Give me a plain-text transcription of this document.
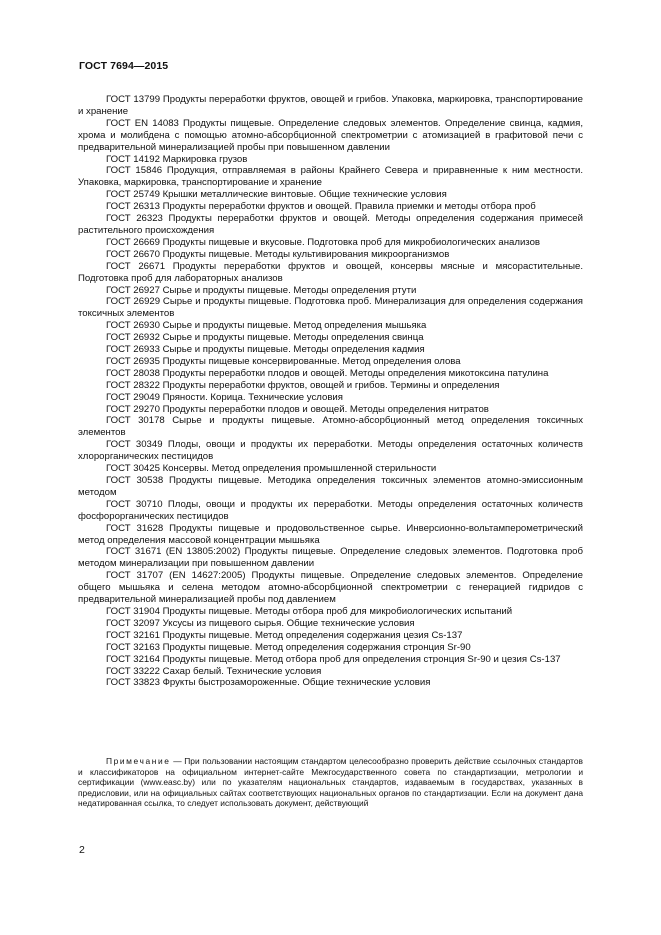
ГОСТ 7694—2015

ГОСТ 13799 Продукты переработки фруктов, овощей и грибов. Упаковка, маркировка, транспортирование и хранение

ГОСТ EN 14083 Продукты пищевые. Определение следовых элементов. Определение свинца, кадмия, хрома и молибдена с помощью атомно-абсорбционной спектрометрии с атомизацией в графитовой печи с предварительной минерализацией пробы при повышенном давлении

ГОСТ 14192 Маркировка грузов

ГОСТ 15846 Продукция, отправляемая в районы Крайнего Севера и приравненные к ним местности. Упаковка, маркировка, транспортирование и хранение

ГОСТ 25749 Крышки металлические винтовые. Общие технические условия

ГОСТ 26313 Продукты переработки фруктов и овощей. Правила приемки и методы отбора проб

ГОСТ 26323 Продукты переработки фруктов и овощей. Методы определения содержания примесей растительного происхождения

ГОСТ 26669 Продукты пищевые и вкусовые. Подготовка проб для микробиологических анализов

ГОСТ 26670 Продукты пищевые. Методы культивирования микроорганизмов

ГОСТ 26671 Продукты переработки фруктов и овощей, консервы мясные и мясорастительные. Подготовка проб для лабораторных анализов

ГОСТ 26927 Сырье и продукты пищевые. Методы определения ртути

ГОСТ 26929 Сырье и продукты пищевые. Подготовка проб. Минерализация для определения содержания токсичных элементов

ГОСТ 26930 Сырье и продукты пищевые. Метод определения мышьяка

ГОСТ 26932 Сырье и продукты пищевые. Методы определения свинца

ГОСТ 26933 Сырье и продукты пищевые. Методы определения кадмия

ГОСТ 26935 Продукты пищевые консервированные. Метод определения олова

ГОСТ 28038 Продукты переработки плодов и овощей. Методы определения микотоксина патулина

ГОСТ 28322 Продукты переработки фруктов, овощей и грибов. Термины и определения

ГОСТ 29049 Пряности. Корица. Технические условия

ГОСТ 29270 Продукты переработки плодов и овощей. Методы определения нитратов

ГОСТ 30178 Сырье и продукты пищевые. Атомно-абсорбционный метод определения токсичных элементов

ГОСТ 30349 Плоды, овощи и продукты их переработки. Методы определения остаточных количеств хлорорганических пестицидов

ГОСТ 30425 Консервы. Метод определения промышленной стерильности

ГОСТ 30538 Продукты пищевые. Методика определения токсичных элементов атомно-эмиссионным методом

ГОСТ 30710 Плоды, овощи и продукты их переработки. Методы определения остаточных количеств фосфорорганических пестицидов

ГОСТ 31628 Продукты пищевые и продовольственное сырье. Инверсионно-вольтамперометрический метод определения массовой концентрации мышьяка

ГОСТ 31671 (EN 13805:2002) Продукты пищевые. Определение следовых элементов. Подготовка проб методом минерализации при повышенном давлении

ГОСТ 31707 (EN 14627:2005) Продукты пищевые. Определение следовых элементов. Определение общего мышьяка и селена методом атомно-абсорбционной спектрометрии с генерацией гидридов с предварительной минерализацией пробы под давлением

ГОСТ 31904 Продукты пищевые. Методы отбора проб для микробиологических испытаний

ГОСТ 32097 Уксусы из пищевого сырья. Общие технические условия

ГОСТ 32161 Продукты пищевые. Метод определения содержания цезия Cs-137

ГОСТ 32163 Продукты пищевые. Метод определения содержания стронция Sr-90

ГОСТ 32164 Продукты пищевые. Метод отбора проб для определения стронция Sr-90 и цезия Cs-137

ГОСТ 33222 Сахар белый. Технические условия

ГОСТ 33823 Фрукты быстрозамороженные. Общие технические условия

Примечание — При пользовании настоящим стандартом целесообразно проверить действие ссылочных стандартов и классификаторов на официальном интернет-сайте Межгосударственного совета по стандартизации, метрологии и сертификации (www.easc.by) или по указателям национальных стандартов, издаваемым в государствах, указанных в предисловии, или на официальных сайтах соответствующих национальных органов по стандартизации. Если на документ дана недатированная ссылка, то следует использовать документ, действующий
2
